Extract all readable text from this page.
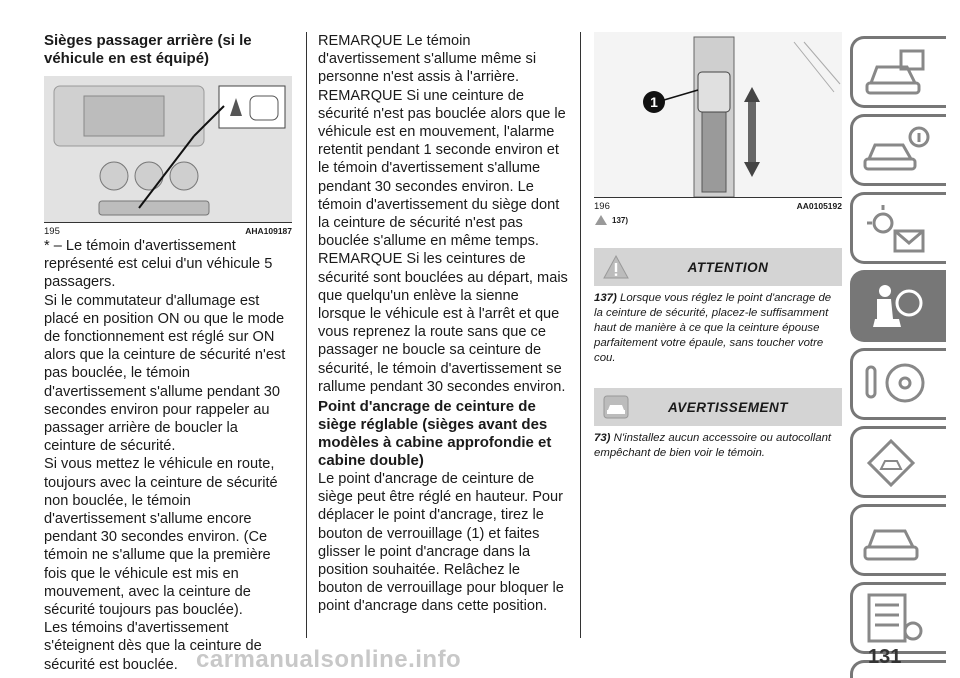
Sièges passager arrière (si le véhicule en est équipé)
195	AHA109187

* – Le témoin d'avertissement représenté est celui d'un véhicule 5 passagers.

Si le commutateur d'allumage est placé en position ON ou que le mode de fonctionnement est réglé sur ON alors que la ceinture de sécurité n'est pas bouclée, le témoin d'avertissement s'allume pendant 30 secondes environ pour rappeler au passager arrière de boucler la ceinture de sécurité.

Si vous mettez le véhicule en route, toujours avec la ceinture de sécurité non bouclée, le témoin d'avertissement s'allume encore pendant 30 secondes environ. (Ce témoin ne s'allume que la première fois que le véhicule est mis en mouvement, avec la ceinture de sécurité toujours pas bouclée).

Les témoins d'avertissement s'éteignent dès que la ceinture de sécurité est bouclée.

REMARQUE Le témoin d'avertissement s'allume même si personne n'est assis à l'arrière.

REMARQUE Si une ceinture de sécurité n'est pas bouclée alors que le véhicule est en mouvement, l'alarme retentit pendant 1 seconde environ et le témoin d'avertissement s'allume pendant 30 secondes environ. Le témoin d'avertissement du siège dont la ceinture de sécurité n'est pas bouclée s'allume en même temps.

REMARQUE Si les ceintures de sécurité sont bouclées au départ, mais que quelqu'un enlève la sienne lorsque le véhicule est à l'arrêt et que vous reprenez la route sans que ce passager ne boucle sa ceinture de sécurité, le témoin d'avertissement se rallume pendant 30 secondes environ.

Point d'ancrage de ceinture de siège réglable (sièges avant des modèles à cabine approfondie et cabine double)

Le point d'ancrage de ceinture de siège peut être réglé en hauteur. Pour déplacer le point d'ancrage, tirez le bouton de verrouillage (1) et faites glisser le point d'ancrage dans la position souhaitée. Relâchez le bouton de verrouillage pour bloquer le point d'ancrage dans cette position.

1
196	AA0105192
137)
ATTENTION
137) Lorsque vous réglez le point d'ancrage de la ceinture de sécurité, placez-le suffisamment haut de manière à ce que la ceinture épouse parfaitement votre épaule, sans toucher votre cou.
AVERTISSEMENT
73) N'installez aucun accessoire ou autocollant empêchant de bien voir le témoin.
carmanualsonline.info	131
